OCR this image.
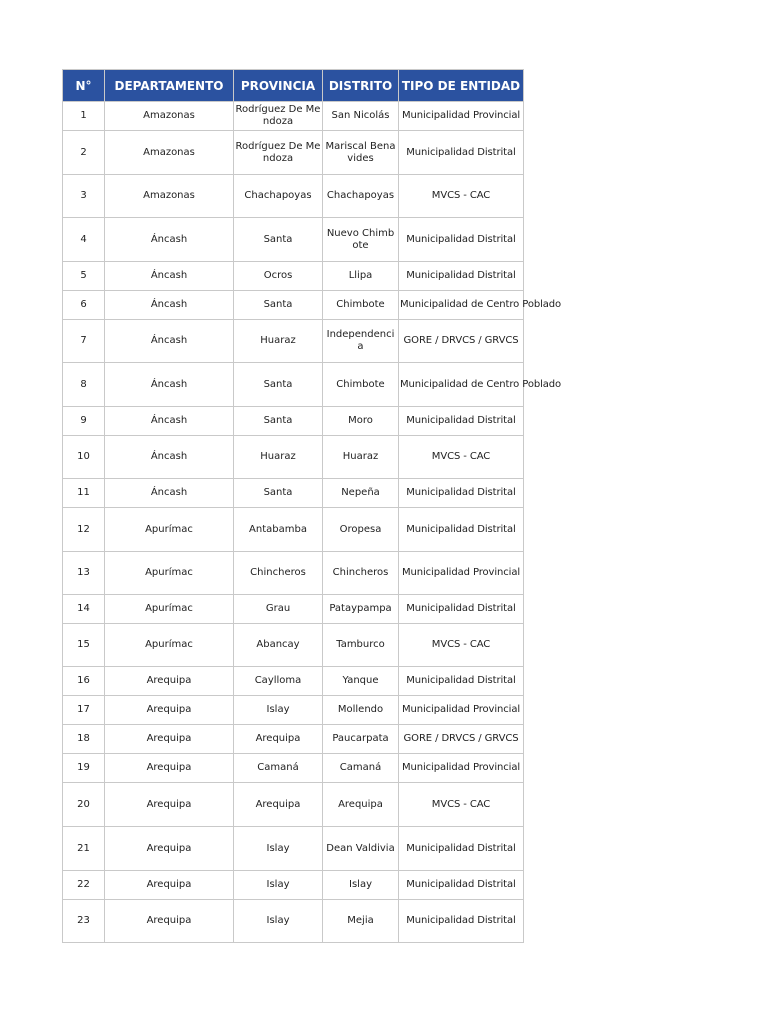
N°	DEPARTAMENTO	PROVINCIA	DISTRITO	TIPO DE ENTIDAD
1	Amazonas	Rodríguez De Mendoza	San Nicolás	Municipalidad Provincial
2	Amazonas	Rodríguez De Mendoza	Mariscal Benavides	Municipalidad Distrital
3	Amazonas	Chachapoyas	Chachapoyas	MVCS - CAC
4	Áncash	Santa	Nuevo Chimbote	Municipalidad Distrital
5	Áncash	Ocros	Llipa	Municipalidad Distrital
6	Áncash	Santa	Chimbote	Municipalidad de Centro Poblado
7	Áncash	Huaraz	Independencia	GORE / DRVCS / GRVCS
8	Áncash	Santa	Chimbote	Municipalidad de Centro Poblado
9	Áncash	Santa	Moro	Municipalidad Distrital
10	Áncash	Huaraz	Huaraz	MVCS - CAC
11	Áncash	Santa	Nepeña	Municipalidad Distrital
12	Apurímac	Antabamba	Oropesa	Municipalidad Distrital
13	Apurímac	Chincheros	Chincheros	Municipalidad Provincial
14	Apurímac	Grau	Pataypampa	Municipalidad Distrital
15	Apurímac	Abancay	Tamburco	MVCS - CAC
16	Arequipa	Caylloma	Yanque	Municipalidad Distrital
17	Arequipa	Islay	Mollendo	Municipalidad Provincial
18	Arequipa	Arequipa	Paucarpata	GORE / DRVCS / GRVCS
19	Arequipa	Camaná	Camaná	Municipalidad Provincial
20	Arequipa	Arequipa	Arequipa	MVCS - CAC
21	Arequipa	Islay	Dean Valdivia	Municipalidad Distrital
22	Arequipa	Islay	Islay	Municipalidad Distrital
23	Arequipa	Islay	Mejia	Municipalidad Distrital
